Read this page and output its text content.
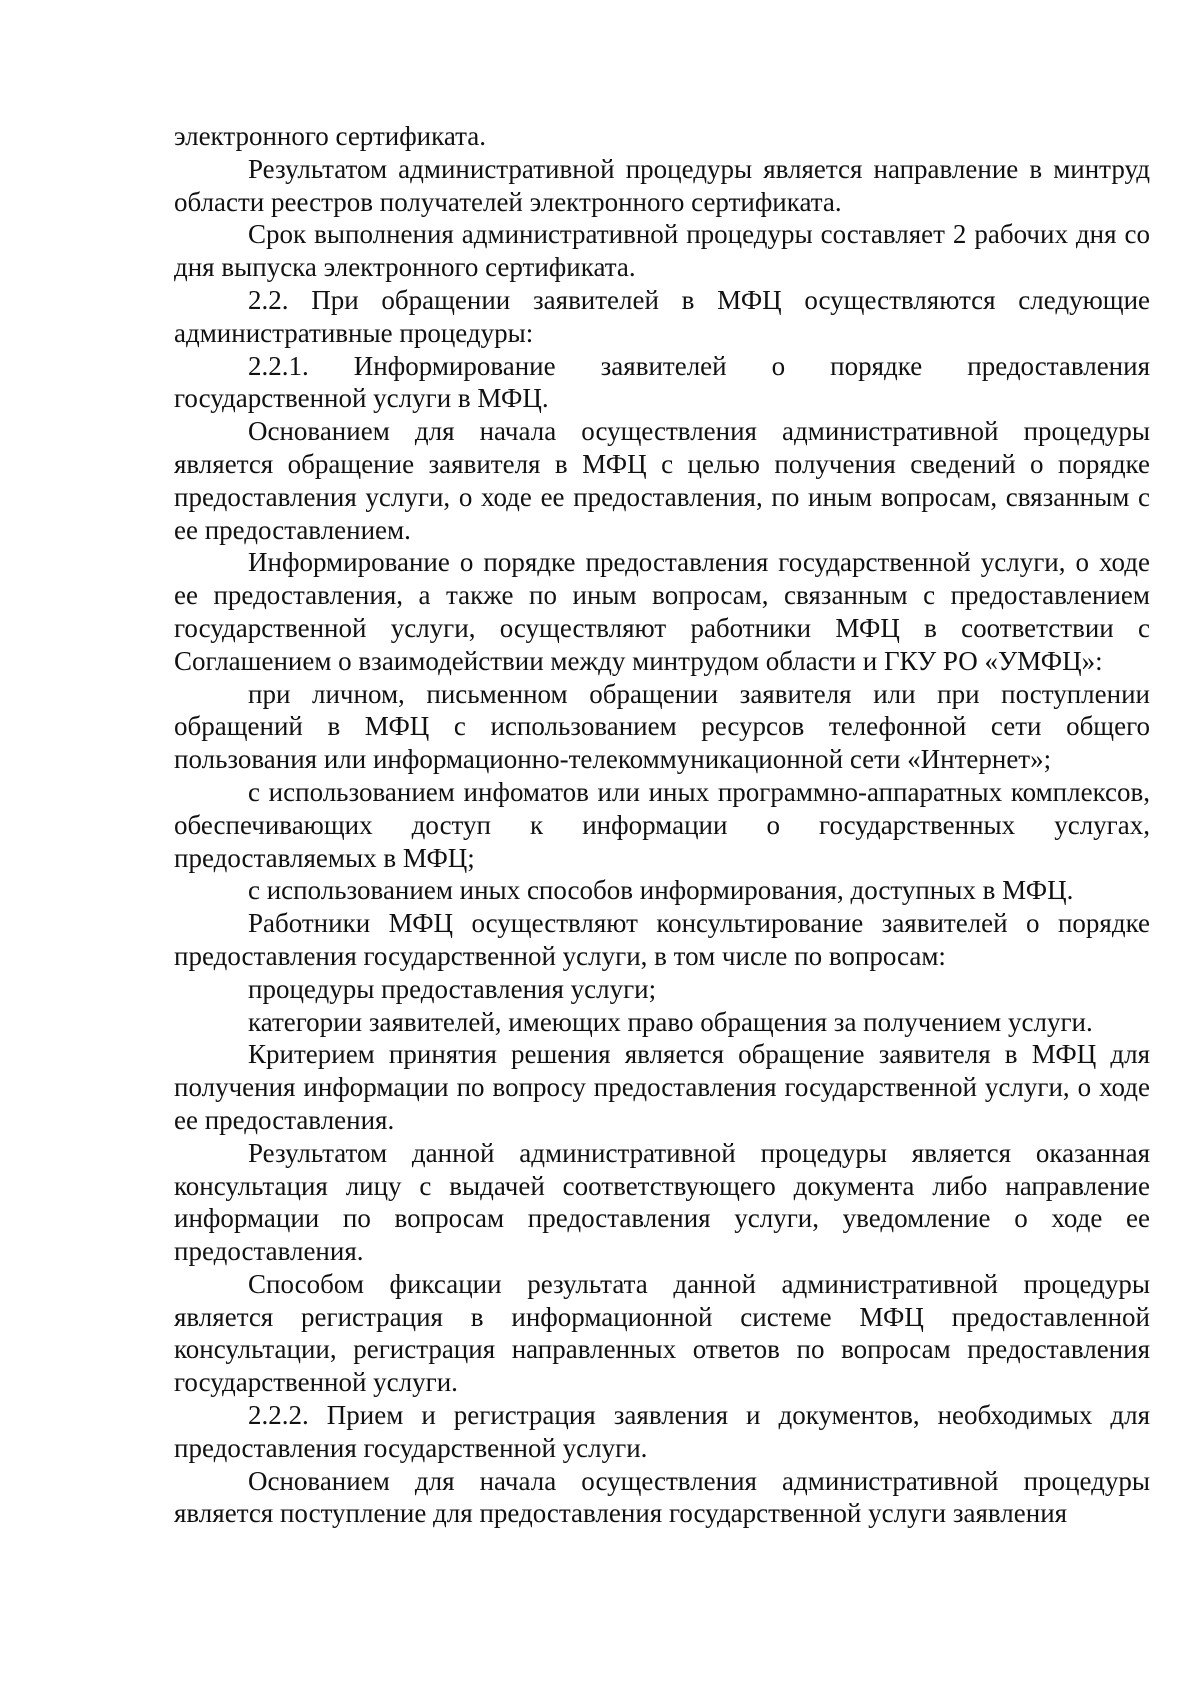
электронного сертификата.

Результатом административной процедуры является направление в минтруд области реестров получателей электронного сертификата.

Срок выполнения административной процедуры составляет 2 рабочих дня со дня выпуска электронного сертификата.

2.2. При обращении заявителей в МФЦ осуществляются следующие административные процедуры:

2.2.1. Информирование заявителей о порядке предоставления государственной услуги в МФЦ.

Основанием для начала осуществления административной процедуры является обращение заявителя в МФЦ с целью получения сведений о порядке предоставления услуги, о ходе ее предоставления, по иным вопросам, связанным с ее предоставлением.

Информирование о порядке предоставления государственной услуги, о ходе ее предоставления, а также по иным вопросам, связанным с предоставлением государственной услуги, осуществляют работники МФЦ в соответствии с Соглашением о взаимодействии между минтрудом области и ГКУ РО «УМФЦ»:

при личном, письменном обращении заявителя или при поступлении обращений в МФЦ с использованием ресурсов телефонной сети общего пользования или информационно-телекоммуникационной сети «Интернет»;

с использованием инфоматов или иных программно-аппаратных комплексов, обеспечивающих доступ к информации о государственных услугах, предоставляемых в МФЦ;

с использованием иных способов информирования, доступных в МФЦ.

Работники МФЦ осуществляют консультирование заявителей о порядке предоставления государственной услуги, в том числе по вопросам:

процедуры предоставления услуги;

категории заявителей, имеющих право обращения за получением услуги.

Критерием принятия решения является обращение заявителя в МФЦ для получения информации по вопросу предоставления государственной услуги, о ходе ее предоставления.

Результатом данной административной процедуры является оказанная консультация лицу с выдачей соответствующего документа либо направление информации по вопросам предоставления услуги, уведомление о ходе ее предоставления.

Способом фиксации результата данной административной процедуры является регистрация в информационной системе МФЦ предоставленной консультации, регистрация направленных ответов по вопросам предоставления государственной услуги.

2.2.2. Прием и регистрация заявления и документов, необходимых для предоставления государственной услуги.

Основанием для начала осуществления административной процедуры является поступление для предоставления государственной услуги заявления
